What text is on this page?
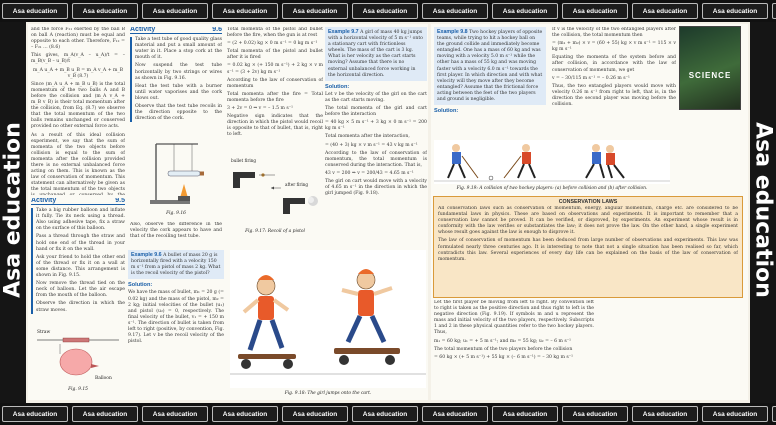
Asa education	Asa education	Asa education	Asa education	Asa education	Asa education	Asa education	Asa education	Asa education	Asa education	Asa education
Asa education	Asa education	Asa education	Asa education	Asa education	Asa education	Asa education	Asa education	Asa education	Asa education	Asa education
Asa education	Asa education

and the force F₂₁ exerted by the ball B on ball A (reaction) must be equal and opposite to each other. Therefore, F₁₂ = – F₂₁ … (8.6)

This gives, m_A(v_A – u_A)/t = – m_B(v_B – u_B)/t

m_A u_A + m_B u_B = m_A v_A + m_B v_B (8.7)

Since (m_A u_A + m_B u_B) is the total momentum of the two balls A and B before the collision and (m_A v_A + m_B v_B) is their total momentum after the collision, from Eq. (8.7) we observe that the total momentum of the two balls remains unchanged or conserved provided no other external force acts.

As a result of this ideal collision experiment, we say that the sum of momenta of the two objects before collision is equal to the sum of momenta after the collision provided there is no external unbalanced force acting on them. This is known as the law of conservation of momentum. This statement can alternatively be given as the total momentum of the two objects

Activity	9.5

Take a big rubber balloon and inflate it fully. Tie its neck using a thread. Also using adhesive tape, fix a straw on the surface of this balloon.

Pass a thread through the straw and hold one end of the thread in your hand or fix it on the wall.

Ask your friend to hold the other end of the thread or fix it on a wall at some distance. This arrangement is shown in Fig. 9.15.

Now remove the thread tied on the neck of balloon. Let the air escape from the mouth of the balloon.

Observe the direction in which the straw moves.

Straw
Balloon
Fig. 9.15
Activity	9.6

Take a test tube of good quality glass material and put a small amount of water in it. Place a stop cork at the mouth of it.

Now suspend the test tube horizontally by two strings or wires as shown in Fig. 9.16.

Heat the test tube with a burner until water vaporises and the cork blows out.

Observe that the test tube recoils in the direction opposite to the direction of the cork.

Fig. 9.16

Also, observe the difference in the velocity the cork appears to have and that of the recoiling test tube.

Example 9.6 A bullet of mass 20 g is horizontally fired with a velocity 150 m s⁻¹ from a pistol of mass 2 kg. What is the recoil velocity of the pistol?
Solution:

We have the mass of bullet, m₁ = 20 g (= 0.02 kg) and the mass of the pistol, m₂ = 2 kg; initial velocities of the bullet (u₁) and pistol (u₂) = 0, respectively. The final velocity of the bullet, v₁ = + 150 m s⁻¹. The direction of bullet is taken from left to right (positive, by convention, Fig. 9.17). Let v be the recoil velocity of the pistol.

Total momenta of the pistol and bullet before the fire, when the gun is at rest

= (2 + 0.02) kg × 0 m s⁻¹ = 0 kg m s⁻¹

Total momenta of the pistol and bullet after it is fired

= 0.02 kg × (+ 150 m s⁻¹) + 2 kg × v m s⁻¹ = (3 + 2v) kg m s⁻¹

According to the law of conservation of momentum

Total momenta after the fire = Total momenta before the fire

3 + 2v = 0 ⇒ v = – 1.5 m s⁻¹

Negative sign indicates that the direction in which the pistol would recoil is opposite to that of bullet, that is, right to left.

bullet firing
after firing
Fig. 9.17: Recoil of a pistol
Example 9.7 A girl of mass 40 kg jumps with a horizontal velocity of 5 m s⁻¹ onto a stationary cart with frictionless wheels. The mass of the cart is 3 kg. What is her velocity as the cart starts moving? Assume that there is no external unbalanced force working in the horizontal direction.
Solution:

Let v be the velocity of the girl on the cart as the cart starts moving.

The total momenta of the girl and cart before the interaction

= 40 kg × 5 m s⁻¹ + 3 kg × 0 m s⁻¹ = 200 kg m s⁻¹

Total momenta after the interaction,

= (40 + 3) kg × v m s⁻¹ = 43 v kg m s⁻¹

According to the law of conservation of momentum, the total momentum is conserved during the interaction. That is,

43 v = 200 ⇒ v = 200/43 = 4.65 m s⁻¹

The girl on cart would move with a velocity of 4.65 m s⁻¹ in the direction in which the girl jumped (Fig. 9.18).

Fig. 9.18: The girl jumps onto the cart.
Example 9.8 Two hockey players of opposite teams, while trying to hit a hockey ball on the ground collide and immediately become entangled. One has a mass of 60 kg and was moving with a velocity 5.0 m s⁻¹ while the other has a mass of 55 kg and was moving faster with a velocity 6.0 m s⁻¹ towards the first player. In which direction and with what velocity will they move after they become entangled? Assume that the frictional force acting between the feet of the two players and ground is negligible.
Solution:
Fig. 9.19: A collision of two hockey players: (a) before collision and (b) after collision.

If v is the velocity of the two entangled players after the collision, the total momentum then

= (m₁ + m₂) × v = (60 + 55) kg × v m s⁻¹ = 115 × v kg m s⁻¹

Equating the momenta of the system before and after collision, in accordance with the law of conservation of momentum, we get

v = – 30/115 m s⁻¹ = – 0.26 m s⁻¹

Thus, the two entangled players would move with velocity 0.26 m s⁻¹ from right to left, that is, in the direction the second player was moving before the collision.

SCIENCE
CONSERVATION LAWS

All conservation laws such as conservation of momentum, energy, angular momentum, charge etc. are considered to be fundamental laws in physics. These are based on observations and experiments. It is important to remember that a conservation law cannot be proved. It can be verified, or disproved, by experiments. An experiment whose result is in conformity with the law verifies or substantiates the law; it does not prove the law. On the other hand, a single experiment whose result goes against the law is enough to disprove it.

The law of conservation of momentum has been deduced from large number of observations and experiments. This law was formulated nearly three centuries ago. It is interesting to note that not a single situation has been realised so far, which contradicts this law. Several experiences of every day life can be explained on the basis of the law of conservation of momentum.

Let the first player be moving from left to right. By convention left to right is taken as the positive direction and thus right to left is the negative direction (Fig. 9.19). If symbols m and u represent the mass and initial velocity of the two players, respectively. Subscripts 1 and 2 in these physical quantities refer to the two hockey players. Thus,

m₁ = 60 kg; u₁ = + 5 m s⁻¹; and m₂ = 55 kg; u₂ = – 6 m s⁻¹

The total momentum of the two players before the collision

= 60 kg × (+ 5 m s⁻¹) + 55 kg × (– 6 m s⁻¹) = – 30 kg m s⁻¹
